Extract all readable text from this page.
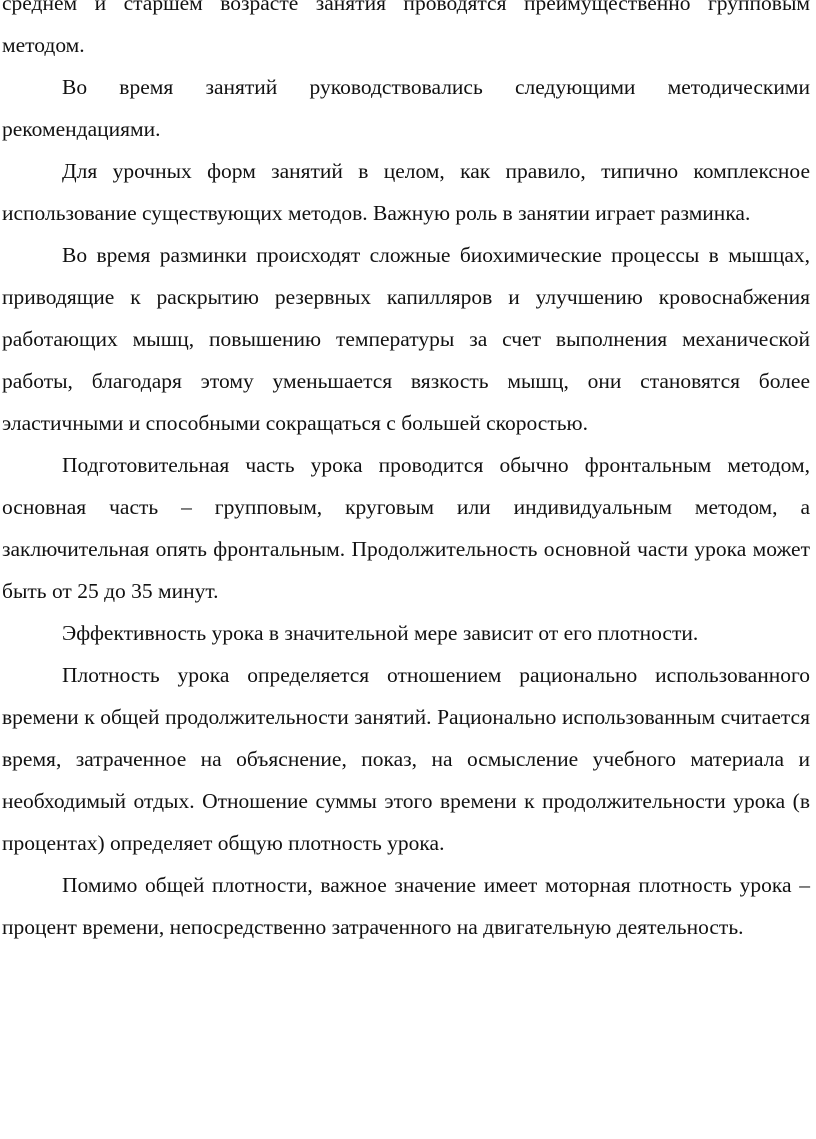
среднем и старшем возрасте занятия проводятся преимущественно групповым методом.

Во время занятий руководствовались следующими методическими рекомендациями.

Для урочных форм занятий в целом, как правило, типично комплексное использование существующих методов. Важную роль в занятии играет разминка.

Во время разминки происходят сложные биохимические процессы в мышцах, приводящие к раскрытию резервных капилляров и улучшению кровоснабжения работающих мышц, повышению температуры за счет выполнения механической работы, благодаря этому уменьшается вязкость мышц, они становятся более эластичными и способными сокращаться с большей скоростью.

Подготовительная часть урока проводится обычно фронтальным методом, основная часть – групповым, круговым или индивидуальным методом, а заключительная опять фронтальным. Продолжительность основной части урока может быть от 25 до 35 минут.

Эффективность урока в значительной мере зависит от его плотности.

Плотность урока определяется отношением рационально использованного времени к общей продолжительности занятий. Рационально использованным считается время, затраченное на объяснение, показ, на осмысление учебного материала и необходимый отдых. Отношение суммы этого времени к продолжительности урока (в процентах) определяет общую плотность урока.

Помимо общей плотности, важное значение имеет моторная плотность урока – процент времени, непосредственно затраченного на двигательную деятельность.
